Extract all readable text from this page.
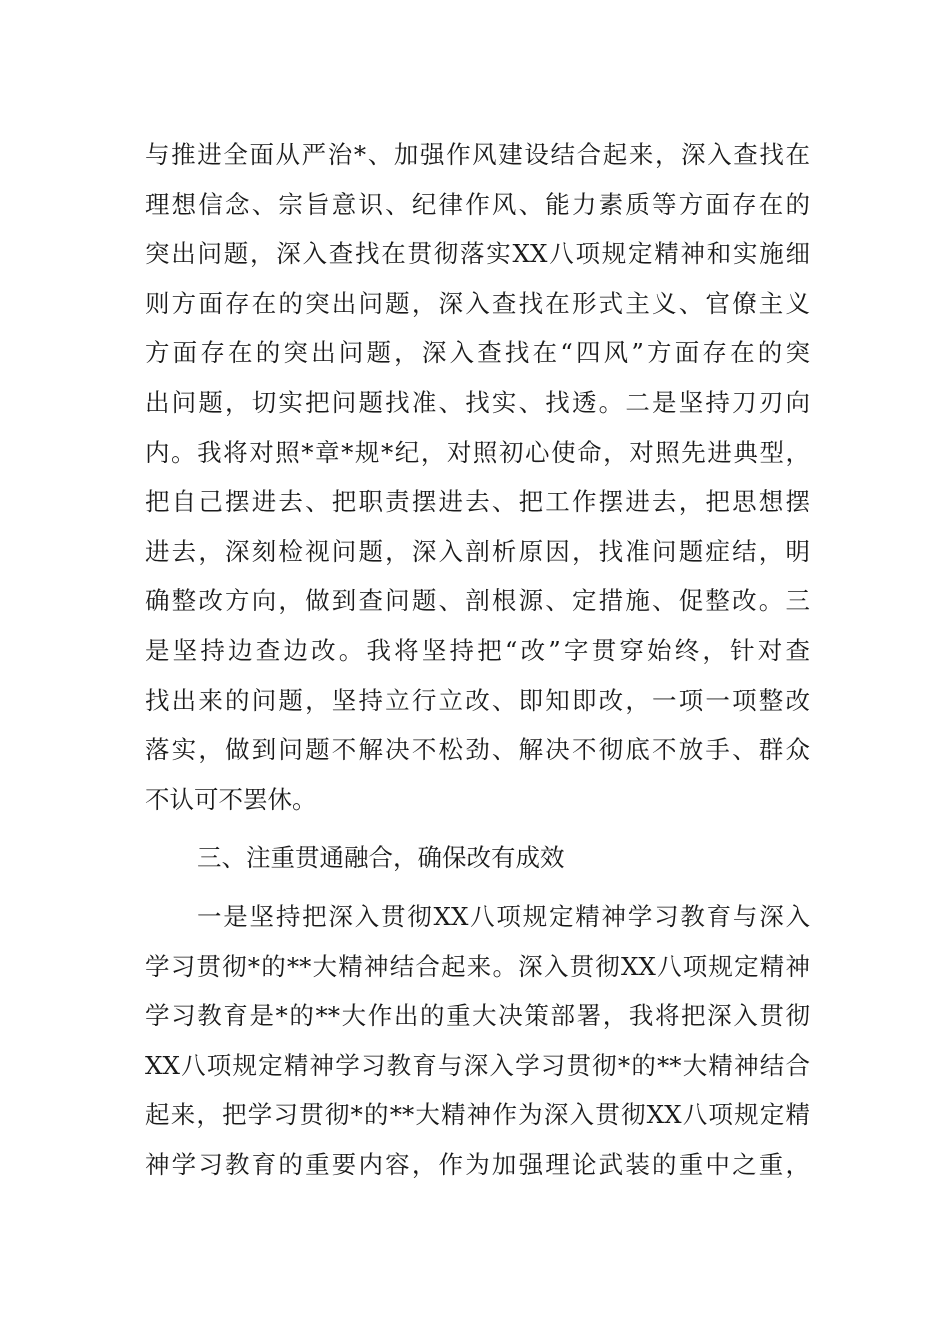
与推进全面从严治*、加强作风建设结合起来，深入查找在
理想信念、宗旨意识、纪律作风、能力素质等方面存在的
突出问题，深入查找在贯彻落实XX八项规定精神和实施细
则方面存在的突出问题，深入查找在形式主义、官僚主义
方面存在的突出问题，深入查找在“四风”方面存在的突
出问题，切实把问题找准、找实、找透。二是坚持刀刃向
内。我将对照*章*规*纪，对照初心使命，对照先进典型，
把自己摆进去、把职责摆进去、把工作摆进去，把思想摆
进去，深刻检视问题，深入剖析原因，找准问题症结，明
确整改方向，做到查问题、剖根源、定措施、促整改。三
是坚持边查边改。我将坚持把“改”字贯穿始终，针对查
找出来的问题，坚持立行立改、即知即改，一项一项整改
落实，做到问题不解决不松劲、解决不彻底不放手、群众
不认可不罢休。
三、注重贯通融合，确保改有成效
一是坚持把深入贯彻XX八项规定精神学习教育与深入
学习贯彻*的**大精神结合起来。深入贯彻XX八项规定精神
学习教育是*的**大作出的重大决策部署，我将把深入贯彻
XX八项规定精神学习教育与深入学习贯彻*的**大精神结合
起来，把学习贯彻*的**大精神作为深入贯彻XX八项规定精
神学习教育的重要内容，作为加强理论武装的重中之重，
